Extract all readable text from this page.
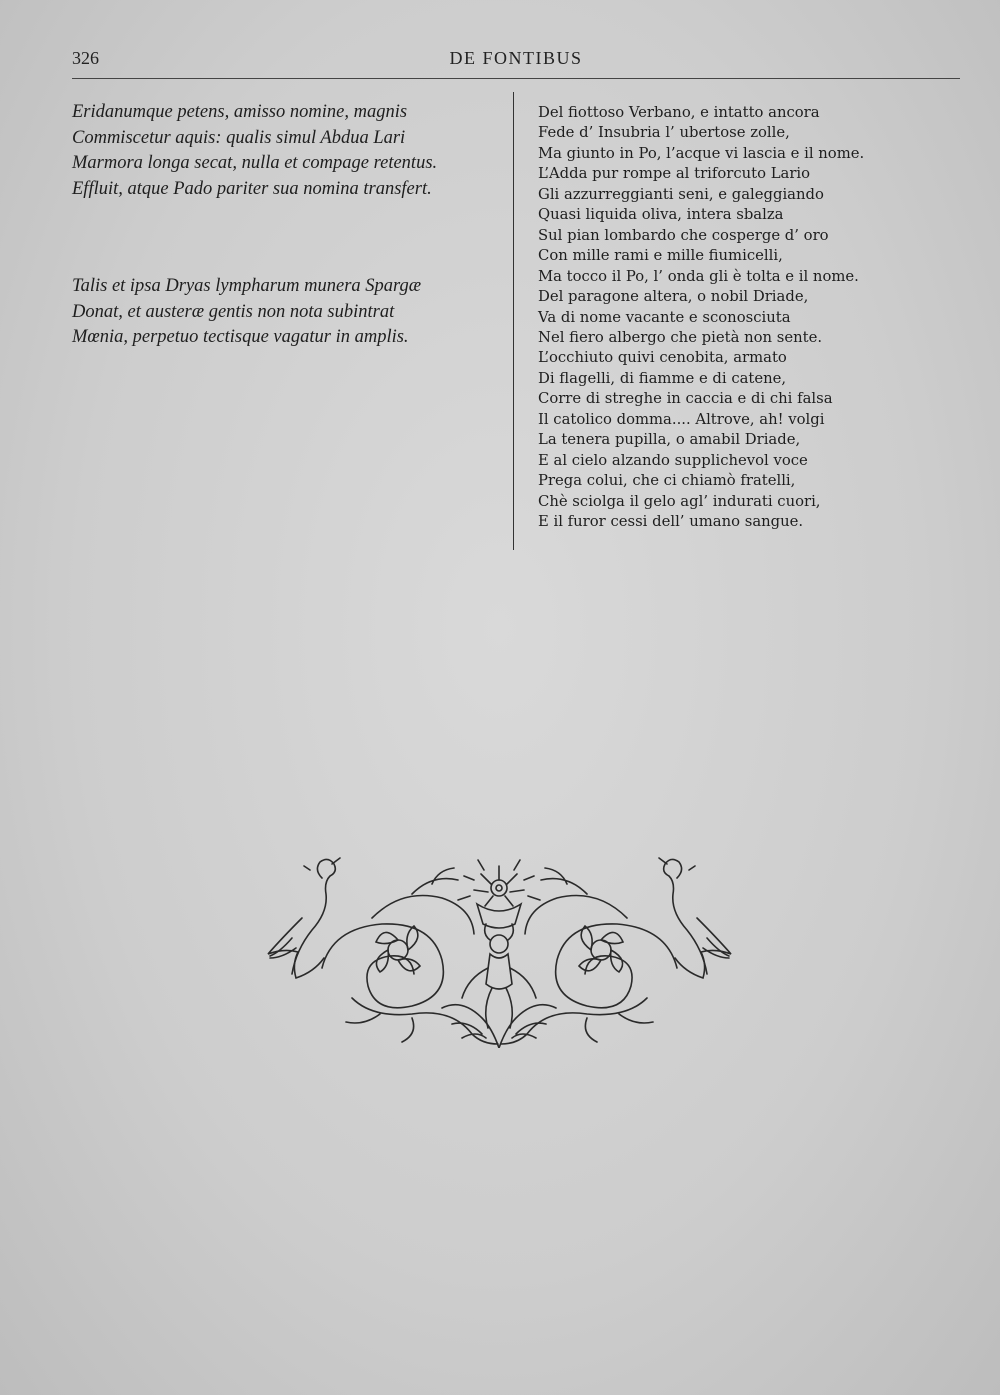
326	DE FONTIBUS
Eridanumque petens, amisso nomine, magnis
Commiscetur aquis: qualis simul Abdua Lari
Marmora longa secat, nulla et compage retentus.
Effluit, atque Pado pariter sua nomina transfert.
Talis et ipsa Dryas lympharum munera Spargæ
Donat, et austeræ gentis non nota subintrat
Mœnia, perpetuo tectisque vagatur in amplis.
Del fiottoso Verbano, e intatto ancora
Fede d’ Insubria l’ ubertose zolle,
Ma giunto in Po, l’acque vi lascia e il nome.
L’Adda pur rompe al triforcuto Lario
Gli azzurreggianti seni, e galeggiando
Quasi liquida oliva, intera sbalza
Sul pian lombardo che cosperge d’ oro
Con mille rami e mille fiumicelli,
Ma tocco il Po, l’ onda gli è tolta e il nome.
Del paragone altera, o nobil Driade,
Va di nome vacante e sconosciuta
Nel fiero albergo che pietà non sente.
L’occhiuto quivi cenobita, armato
Di flagelli, di fiamme e di catene,
Corre di streghe in caccia e di chi falsa
Il catolico domma.... Altrove, ah! volgi
La tenera pupilla, o amabil Driade,
E al cielo alzando supplichevol voce
Prega colui, che ci chiamò fratelli,
Chè sciolga il gelo agl’ indurati cuori,
E il furor cessi dell’ umano sangue.
